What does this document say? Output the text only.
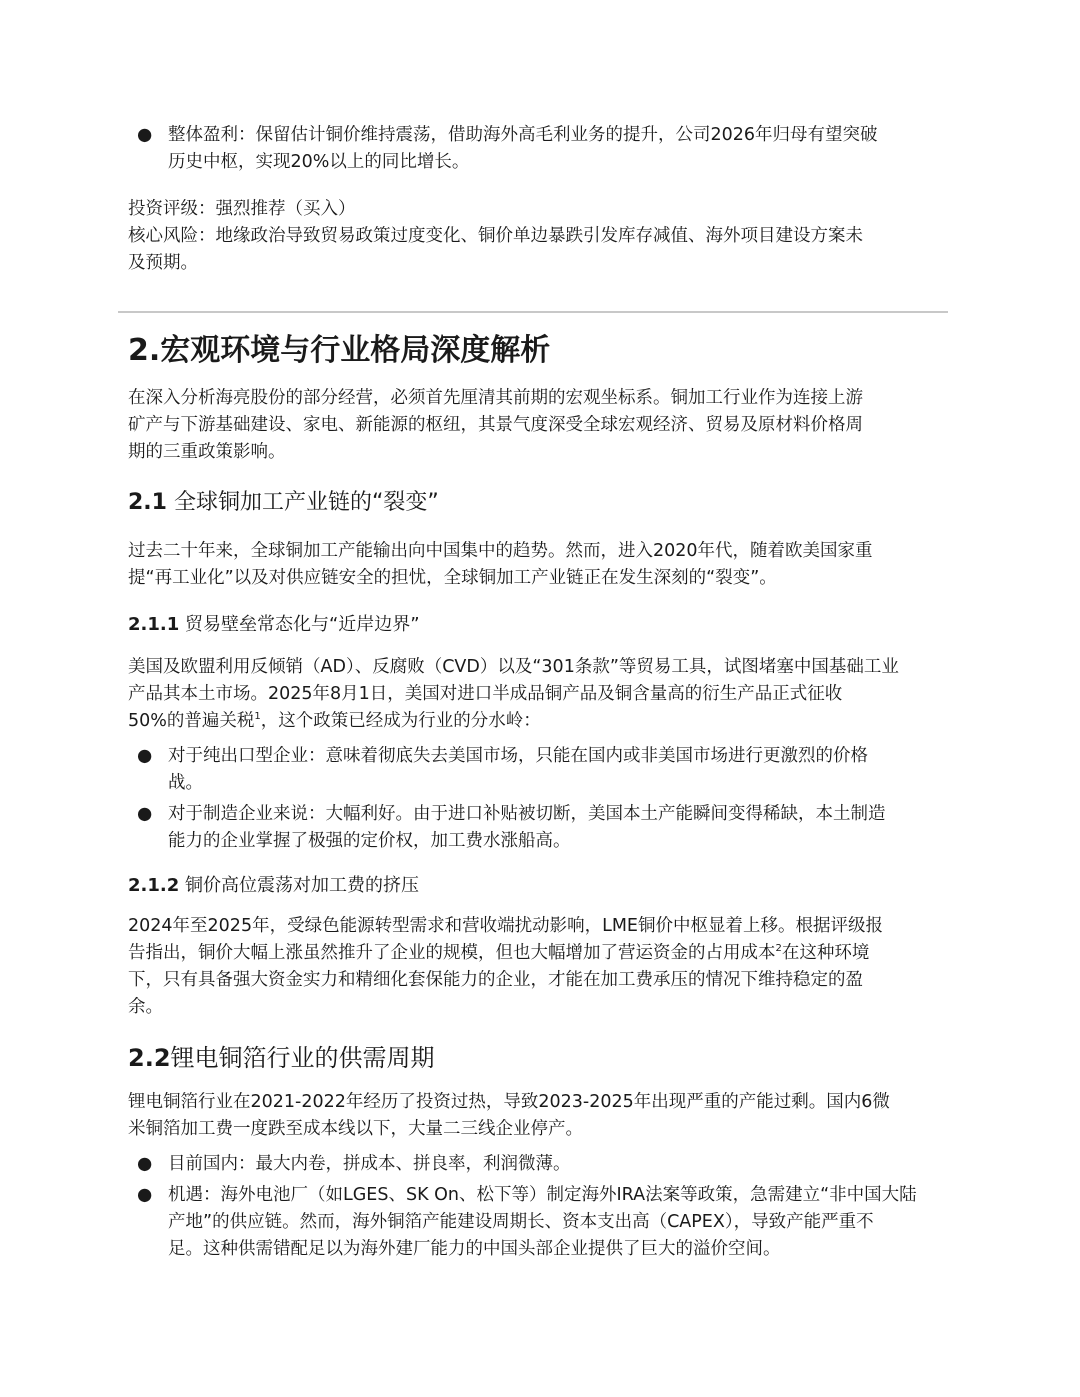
● 整体盈利：保留估计铜价维持震荡，借助海外高毛利业务的提升，公司2026年归母有望突破
历史中枢，实现20%以上的同比增长。

投资评级：强烈推荐（买入）

核心风险：地缘政治导致贸易政策过度变化、铜价单边暴跌引发库存减值、海外项目建设方案未
及预期。

2.宏观环境与行业格局深度解析

在深入分析海亮股份的部分经营，必须首先厘清其前期的宏观坐标系。铜加工行业作为连接上游
矿产与下游基础建设、家电、新能源的枢纽，其景气度深受全球宏观经济、贸易及原材料价格周
期的三重政策影响。

2.1 全球铜加工产业链的“裂变”

过去二十年来，全球铜加工产能输出向中国集中的趋势。然而，进入2020年代，随着欧美国家重
提“再工业化”以及对供应链安全的担忧，全球铜加工产业链正在发生深刻的“裂变”。

2.1.1 贸易壁垒常态化与“近岸边界”

美国及欧盟利用反倾销（AD）、反腐败（CVD）以及“301条款”等贸易工具，试图堵塞中国基础工业
产品其本土市场。2025年8月1日，美国对进口半成品铜产品及铜含量高的衍生产品正式征收
50%的普遍关税$^1$，这个政策已经成为行业的分水岭：

● 对于纯出口型企业：意味着彻底失去美国市场，只能在国内或非美国市场进行更激烈的价格
战。
● 对于制造企业来说：大幅利好。由于进口补贴被切断，美国本土产能瞬间变得稀缺，本土制造
能力的企业掌握了极强的定价权，加工费水涨船高。
2.1.2 铜价高位震荡对加工费的挤压

2024年至2025年，受绿色能源转型需求和营收端扰动影响，LME铜价中枢显着上移。根据评级报
告指出，铜价大幅上涨虽然推升了企业的规模，但也大幅增加了营运资金的占用成本$^2$在这种环境
下，只有具备强大资金实力和精细化套保能力的企业，才能在加工费承压的情况下维持稳定的盈
余。

2.2锂电铜箔行业的供需周期

锂电铜箔行业在2021-2022年经历了投资过热，导致2023-2025年出现严重的产能过剩。国内6微
米铜箔加工费一度跌至成本线以下，大量二三线企业停产。

● 目前国内：最大内卷，拼成本、拼良率，利润微薄。
● 机遇：海外电池厂（如LGES、SK On、松下等）制定海外IRA法案等政策，急需建立“非中国大陆
产地”的供应链。然而，海外铜箔产能建设周期长、资本支出高（CAPEX），导致产能严重不
足。这种供需错配足以为海外建厂能力的中国头部企业提供了巨大的溢价空间。
